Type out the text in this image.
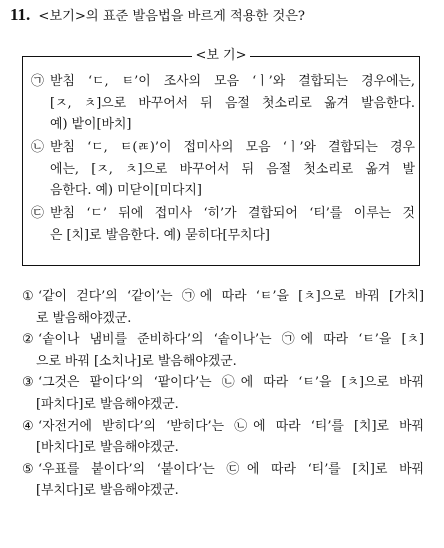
11. <보기>의 표준 발음법을 바르게 적용한 것은?
<보 기>
㉠ 받침 ‘ㄷ, ㅌ’이 조사의 모음 ‘ㅣ’와 결합되는 경우에는,
[ㅈ, ㅊ]으로 바꾸어서 뒤 음절 첫소리로 옮겨 발음한다.
예) 밭이[바치]
㉡ 받침 ‘ㄷ, ㅌ(ㄾ)’이 접미사의 모음 ‘ㅣ’와 결합되는 경우
에는, [ㅈ, ㅊ]으로 바꾸어서 뒤 음절 첫소리로 옮겨 발
음한다. 예) 미닫이[미다지]
㉢ 받침 ‘ㄷ’ 뒤에 접미사 ‘히’가 결합되어 ‘티’를 이루는 것
은 [치]로 발음한다. 예) 묻히다[무치다]
① ‘같이 걷다’의 ‘같이’는 ㉠에 따라 ‘ㅌ’을 [ㅊ]으로 바꿔 [가치]
로 발음해야겠군.
② ‘솥이나 냄비를 준비하다’의 ‘솥이나’는 ㉠에 따라 ‘ㅌ’을 [ㅊ]
으로 바꿔 [소치나]로 발음해야겠군.
③ ‘그것은 팥이다’의 ‘팥이다’는 ㉡에 따라 ‘ㅌ’을 [ㅊ]으로 바꿔
[파치다]로 발음해야겠군.
④ ‘자전거에 받히다’의 ‘받히다’는 ㉡에 따라 ‘티’를 [치]로 바꿔
[바치다]로 발음해야겠군.
⑤ ‘우표를 붙이다’의 ‘붙이다’는 ㉢에 따라 ‘티’를 [치]로 바꿔
[부치다]로 발음해야겠군.
